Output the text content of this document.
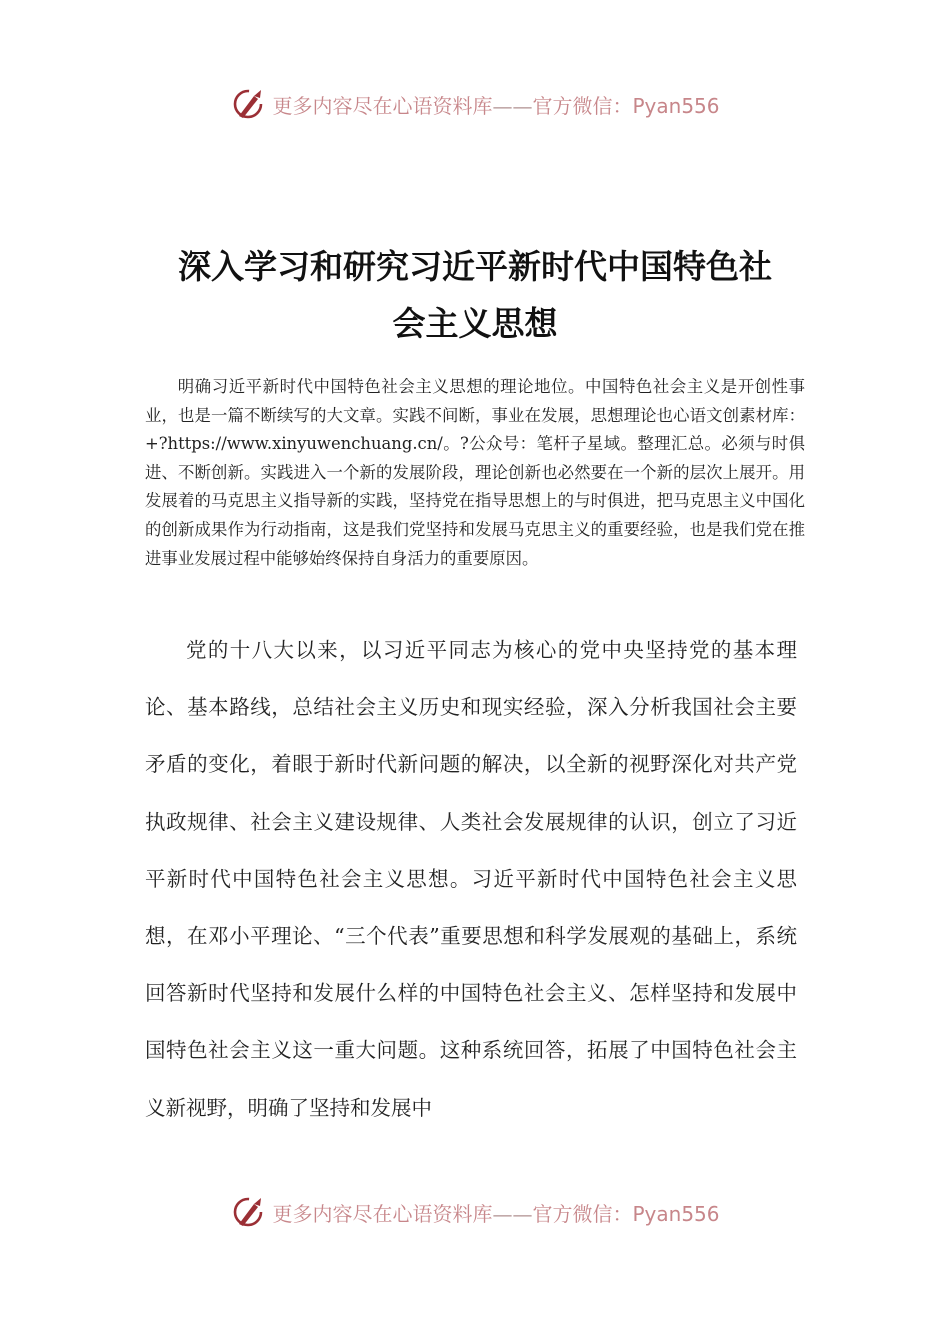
更多内容尽在心语资料库——官方微信：Pyan556
深入学习和研究习近平新时代中国特色社
会主义思想

明确习近平新时代中国特色社会主义思想的理论地位。中国特色社会主义是开创性事业，也是一篇不断续写的大文章。实践不间断，事业在发展，思想理论也心语文创素材库：+?https://www.xinyuwenchuang.cn/。?公众号：笔杆子星域。整理汇总。必须与时俱进、不断创新。实践进入一个新的发展阶段，理论创新也必然要在一个新的层次上展开。用发展着的马克思主义指导新的实践，坚持党在指导思想上的与时俱进，把马克思主义中国化的创新成果作为行动指南，这是我们党坚持和发展马克思主义的重要经验，也是我们党在推进事业发展过程中能够始终保持自身活力的重要原因。

党的十八大以来，以习近平同志为核心的党中央坚持党的基本理论、基本路线，总结社会主义历史和现实经验，深入分析我国社会主要矛盾的变化，着眼于新时代新问题的解决，以全新的视野深化对共产党执政规律、社会主义建设规律、人类社会发展规律的认识，创立了习近平新时代中国特色社会主义思想。习近平新时代中国特色社会主义思想，在邓小平理论、“三个代表”重要思想和科学发展观的基础上，系统回答新时代坚持和发展什么样的中国特色社会主义、怎样坚持和发展中国特色社会主义这一重大问题。这种系统回答，拓展了中国特色社会主义新视野，明确了坚持和发展中

更多内容尽在心语资料库——官方微信：Pyan556
